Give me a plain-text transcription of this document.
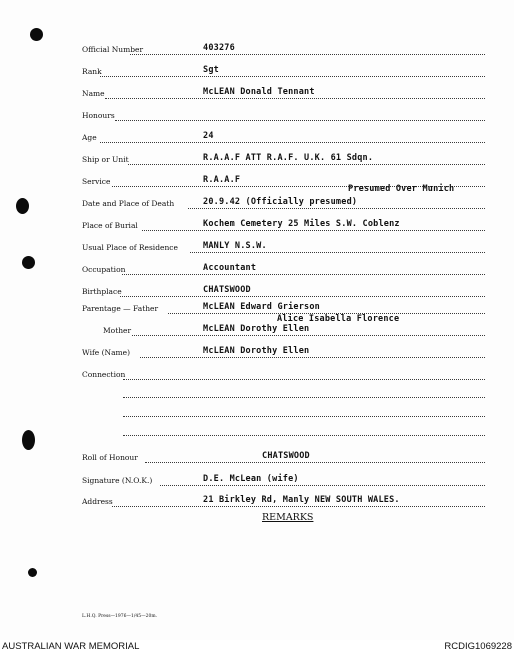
Official Number	403276
Rank	Sgt
Name	McLEAN Donald Tennant
Honours
Age	24
Ship or Unit	R.A.A.F ATT R.A.F. U.K. 61 Sdqn.
Service	R.A.A.F
Presumed Over Munich
Date and Place of Death	20.9.42 (Officially presumed)
Place of Burial	Kochem Cemetery 25 Miles S.W. Coblenz
Usual Place of Residence	MANLY N.S.W.
Occupation	Accountant
Birthplace	CHATSWOOD
Parentage — Father	McLEAN Edward Grierson
Alice Isabella Florence
Mother	McLEAN Dorothy Ellen
Wife (Name)	McLEAN Dorothy Ellen
Connection
Roll of Honour	CHATSWOOD
Signature (N.O.K.)	D.E. McLean (wife)
Address	21 Birkley Rd, Manly NEW SOUTH WALES.
REMARKS
L.H.Q. Press—1976—1/45—20m.
AUSTRALIAN WAR MEMORIAL	RCDIG1069228
